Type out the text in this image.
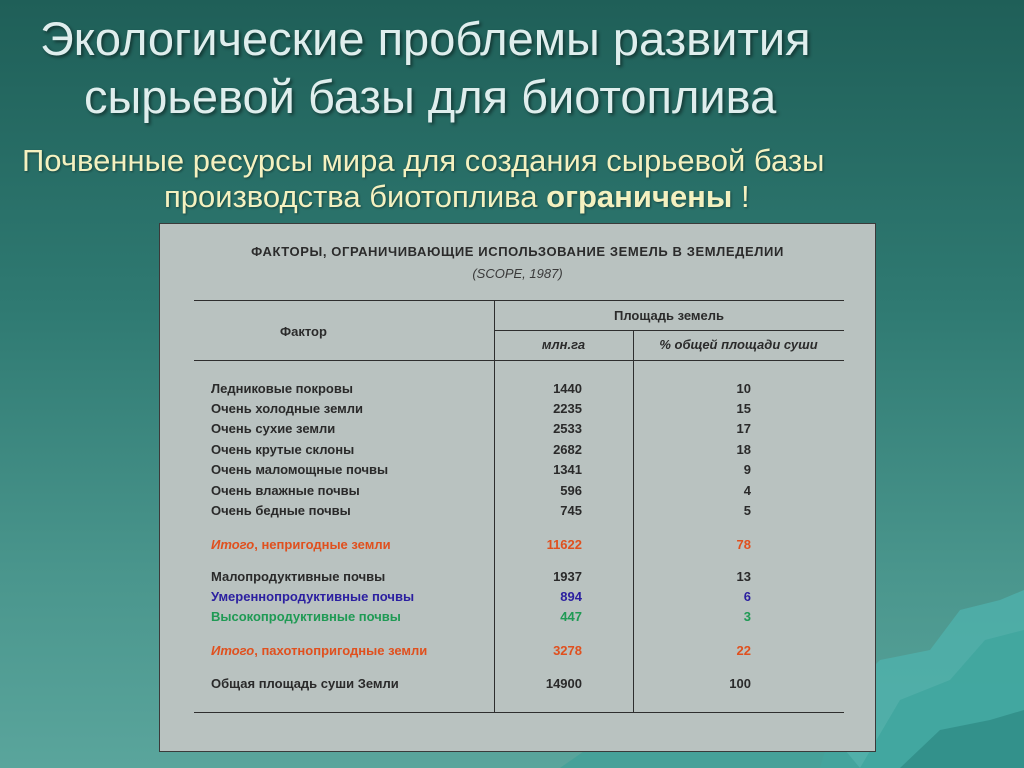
Экологические проблемы развития
сырьевой базы для биотоплива
Почвенные ресурсы мира для создания сырьевой базы
производства биотоплива ограничены !
ФАКТОРЫ, ОГРАНИЧИВАЮЩИЕ ИСПОЛЬЗОВАНИЕ ЗЕМЕЛЬ В ЗЕМЛЕДЕЛИИ
(SCOPE, 1987)
Фактор
Площадь земель
млн.га	% общей площади суши
Ледниковые покровы	1440	10
Очень холодные земли	2235	15
Очень сухие земли	2533	17
Очень крутые склоны	2682	18
Очень маломощные почвы	1341	9
Очень влажные почвы	596	4
Очень бедные почвы	745	5
Итого, непригодные земли	11622	78
Малопродуктивные почвы	1937	13
Умереннопродуктивные почвы	894	6
Высокопродуктивные почвы	447	3
Итого, пахотнопригодные земли	3278	22
Общая площадь суши Земли	14900	100
